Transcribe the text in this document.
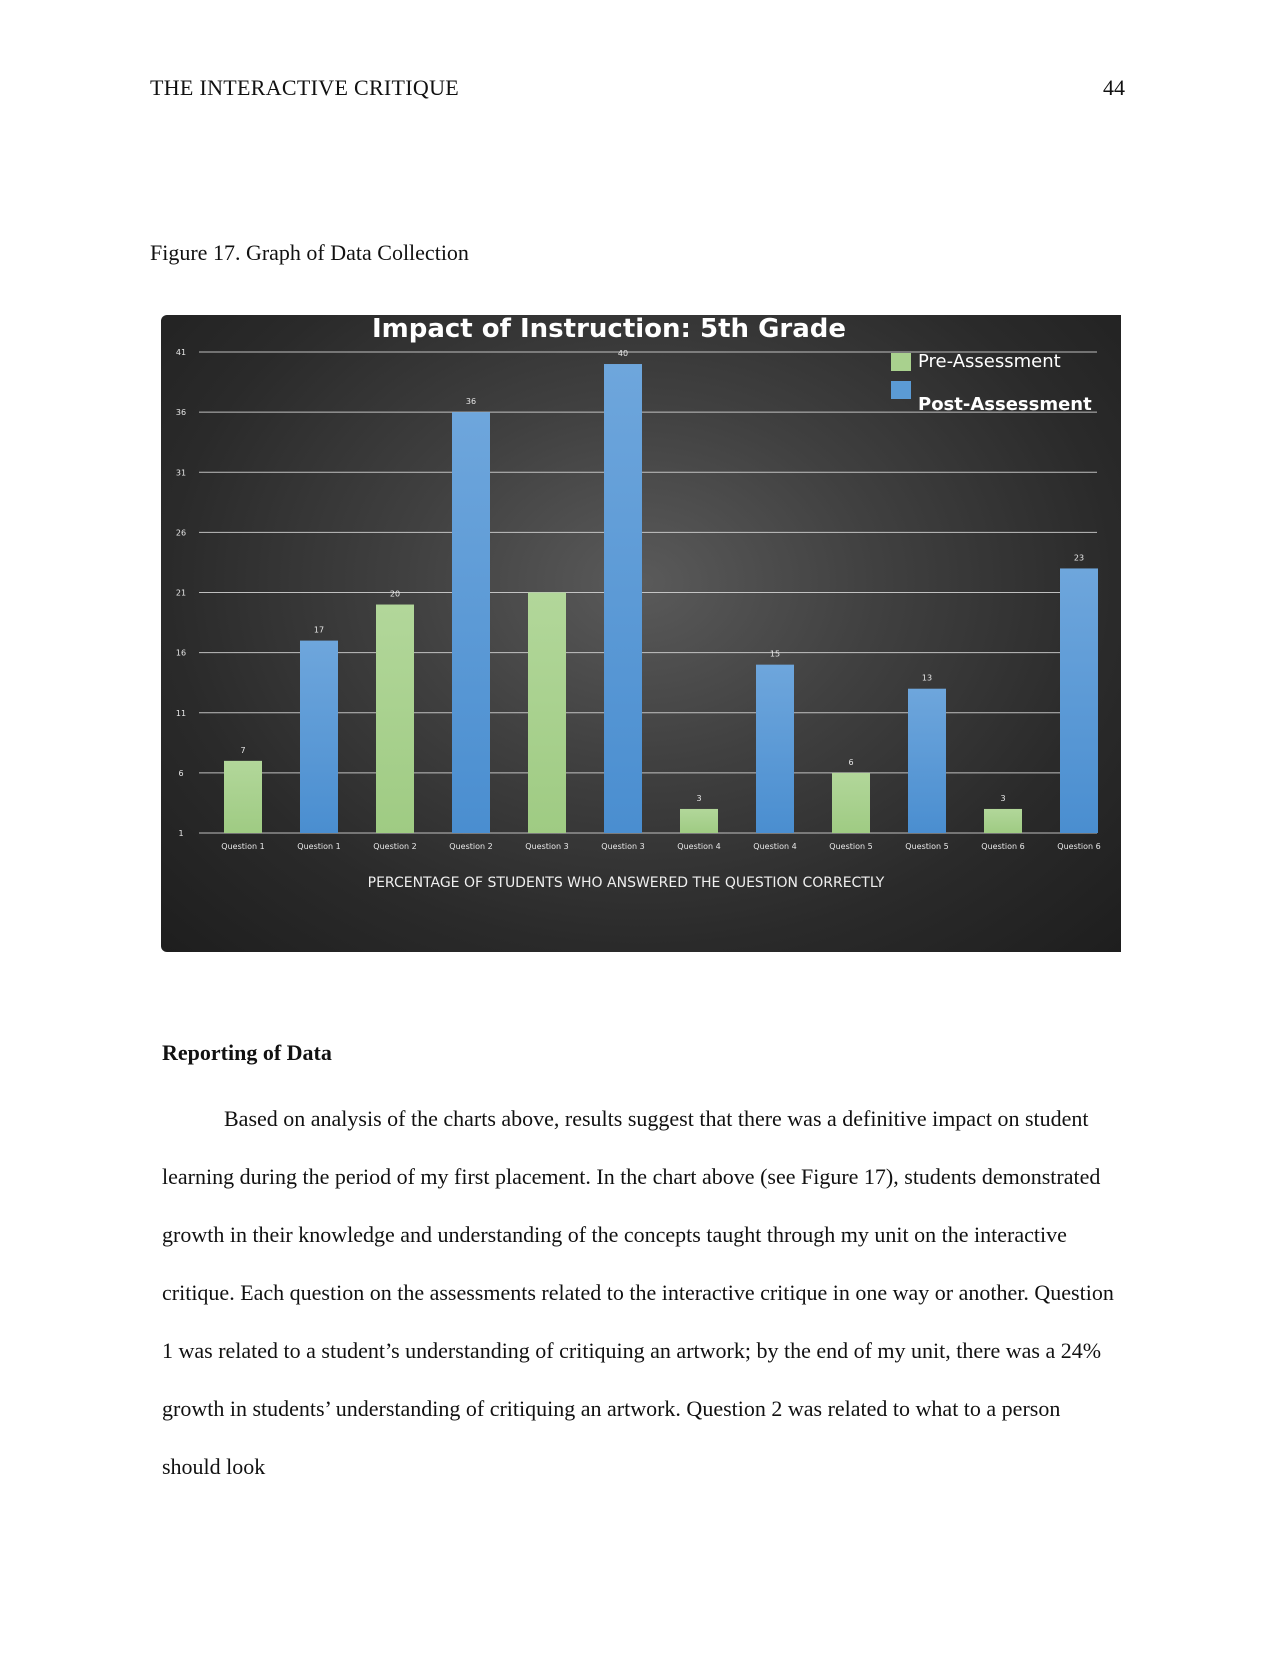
THE INTERACTIVE CRITIQUE	44
Figure 17. Graph of Data Collection
1
6
11
16
21
26
31
36
41
7
Question 1
17
Question 1
20
Question 2
36
Question 2	Question 3
40
Question 3
3
Question 4
15
Question 4
6
Question 5
13
Question 5
3
Question 6
23
Question 6
Impact of Instruction: 5th Grade
PERCENTAGE OF STUDENTS WHO ANSWERED THE QUESTION CORRECTLY
Pre-Assessment
Post-Assessment
Reporting of Data

Based on analysis of the charts above, results suggest that there was a definitive impact on student learning during the period of my first placement. In the chart above (see Figure 17), students demonstrated growth in their knowledge and understanding of the concepts taught through my unit on the interactive critique. Each question on the assessments related to the interactive critique in one way or another. Question 1 was related to a student’s understanding of critiquing an artwork; by the end of my unit, there was a 24% growth in students’ understanding of critiquing an artwork. Question 2 was related to what to a person should look
